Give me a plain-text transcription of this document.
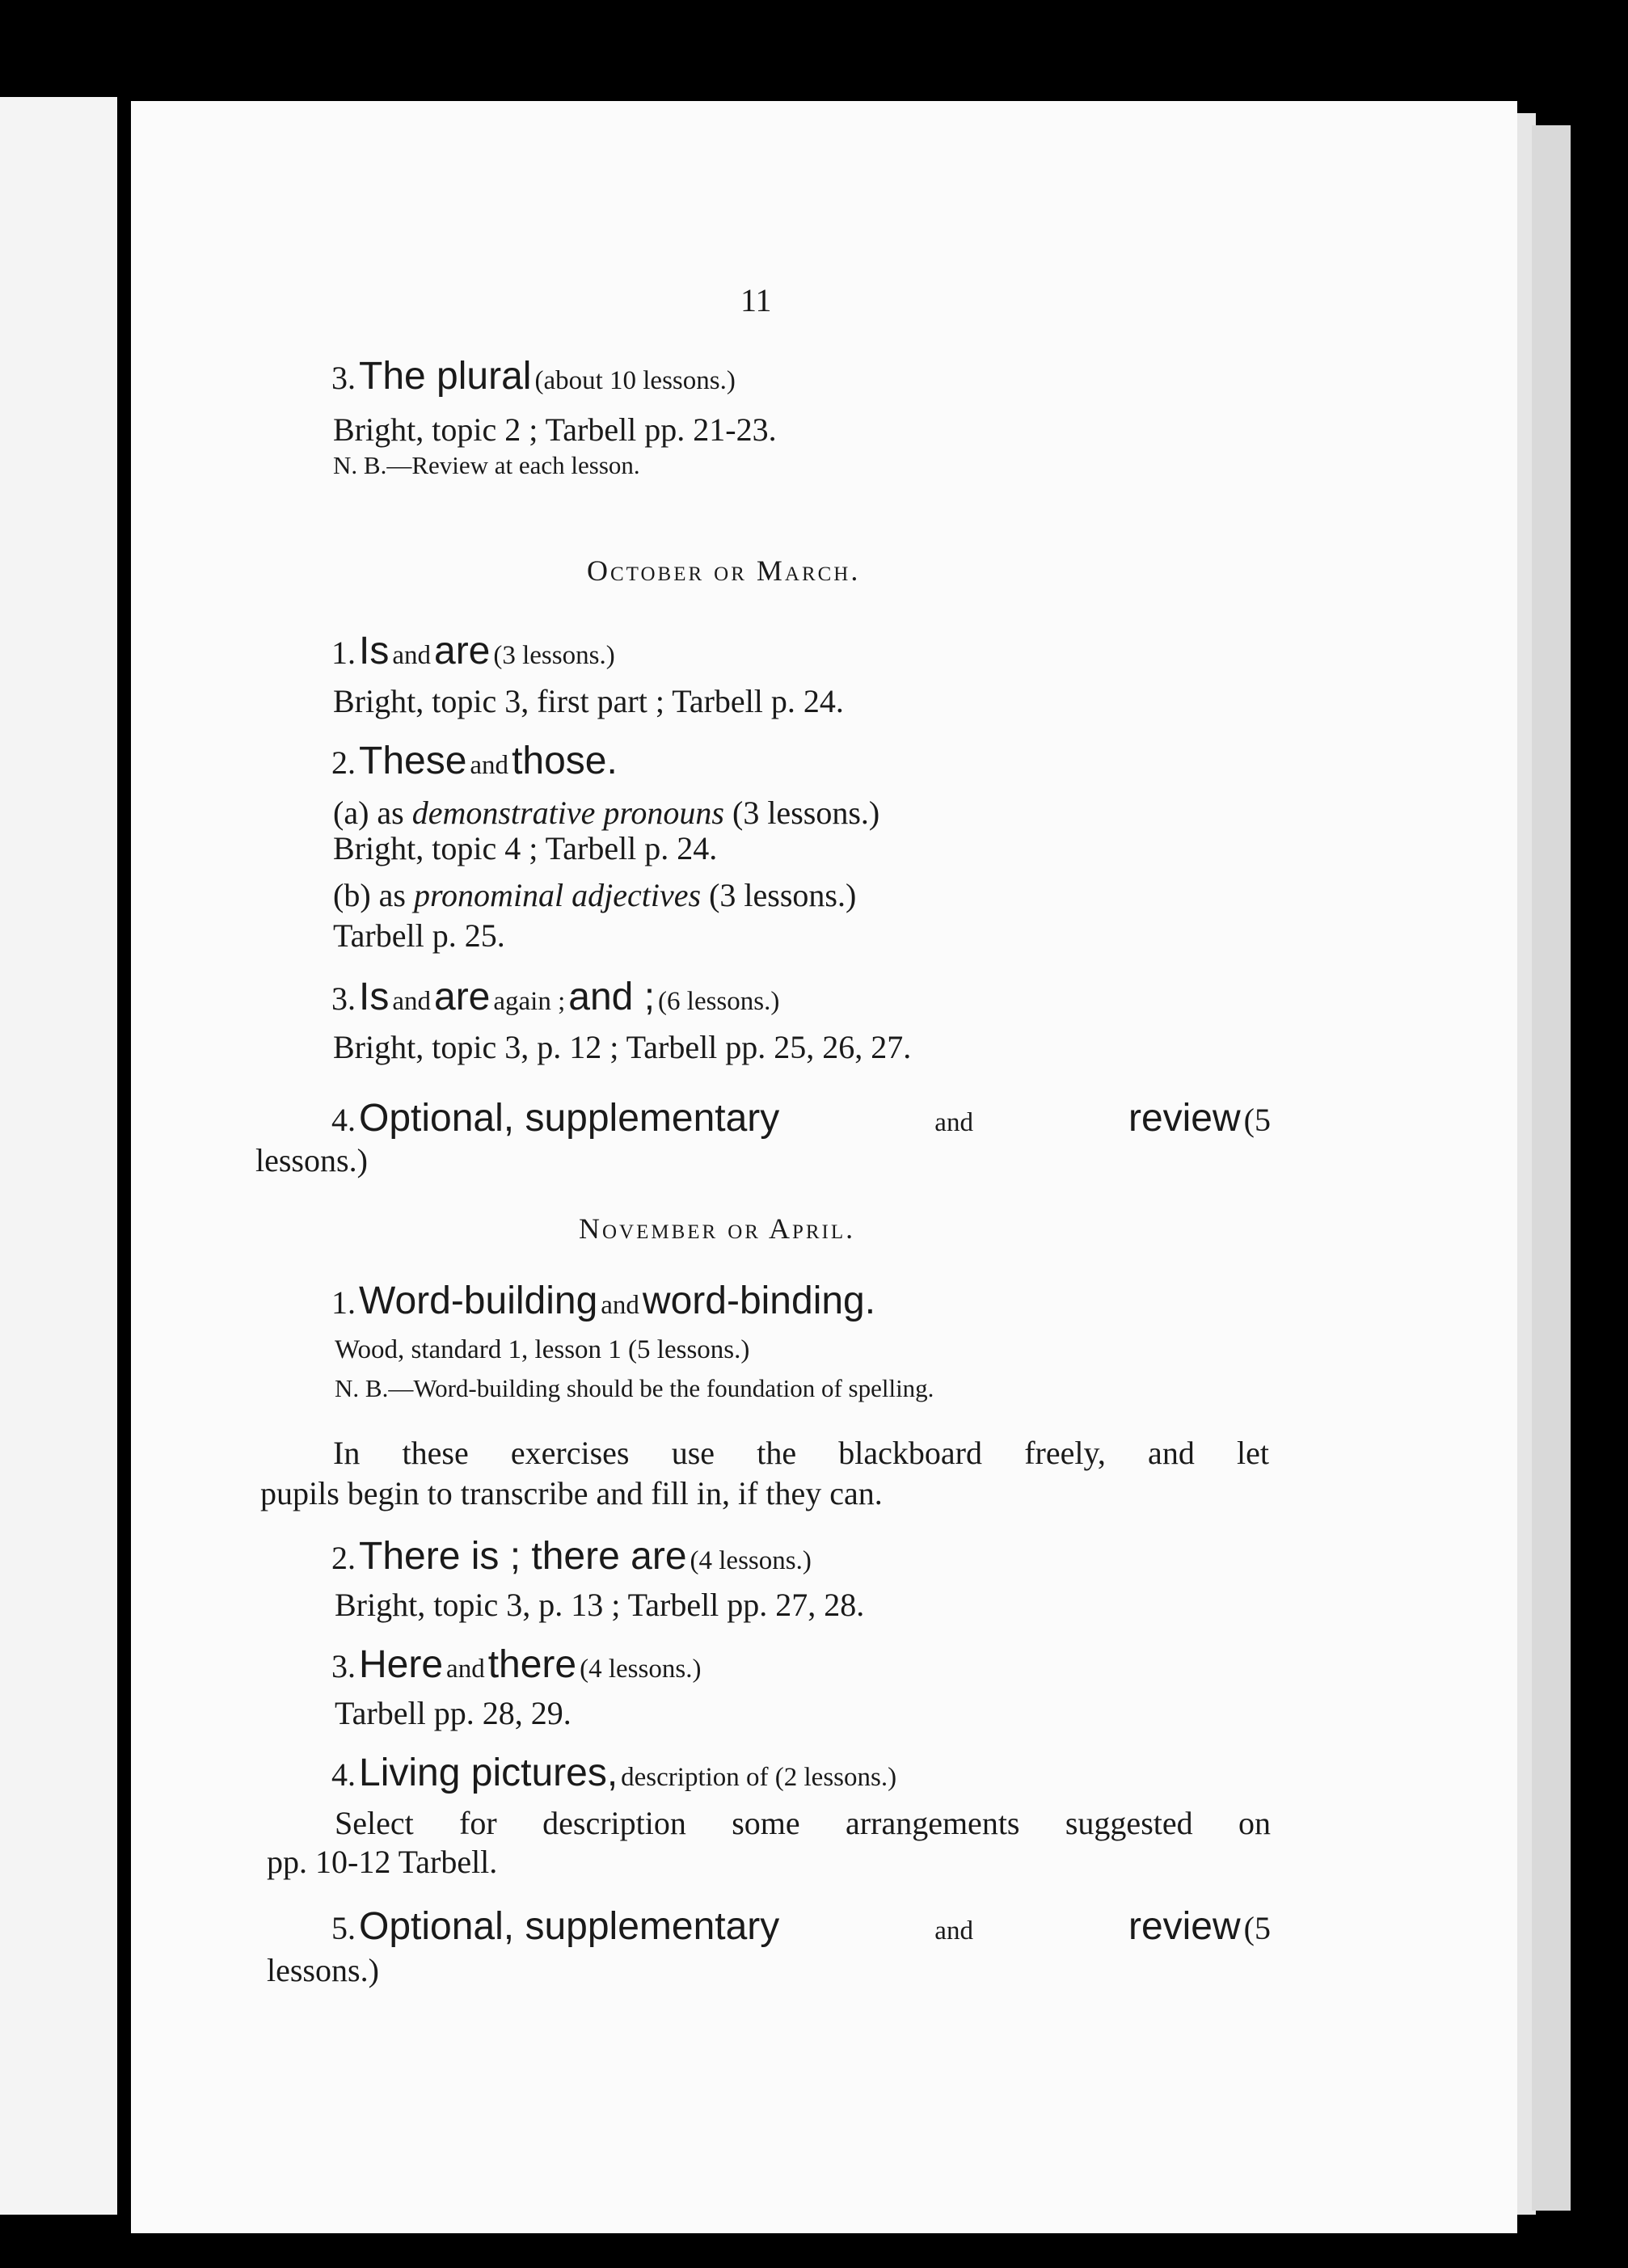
11
3. The plural (about 10 lessons.)
Bright, topic 2 ; Tarbell pp. 21-23.
N. B.—Review at each lesson.
October or March.
1. Is and are (3 lessons.)
Bright, topic 3, first part ; Tarbell p. 24.
2. These and those.
(a) as demonstrative pronouns (3 lessons.)
Bright, topic 4 ; Tarbell p. 24.
(b) as pronominal adjectives (3 lessons.)
Tarbell p. 25.
3. Is and are again ; and ; (6 lessons.)
Bright, topic 3, p. 12 ; Tarbell pp. 25, 26, 27.
4. Optional, supplementary	and	review (5
lessons.)
November or April.
1. Word-building and word-binding.
Wood, standard 1, lesson 1 (5 lessons.)
N. B.—Word-building should be the foundation of spelling.
In these exercises use the blackboard freely, and let
pupils begin to transcribe and fill in, if they can.
2. There is ; there are (4 lessons.)
Bright, topic 3, p. 13 ; Tarbell pp. 27, 28.
3. Here and there (4 lessons.)
Tarbell pp. 28, 29.
4. Living pictures, description of (2 lessons.)
Select for description some arrangements suggested on
pp. 10-12 Tarbell.
5. Optional, supplementary	and	review (5
lessons.)
